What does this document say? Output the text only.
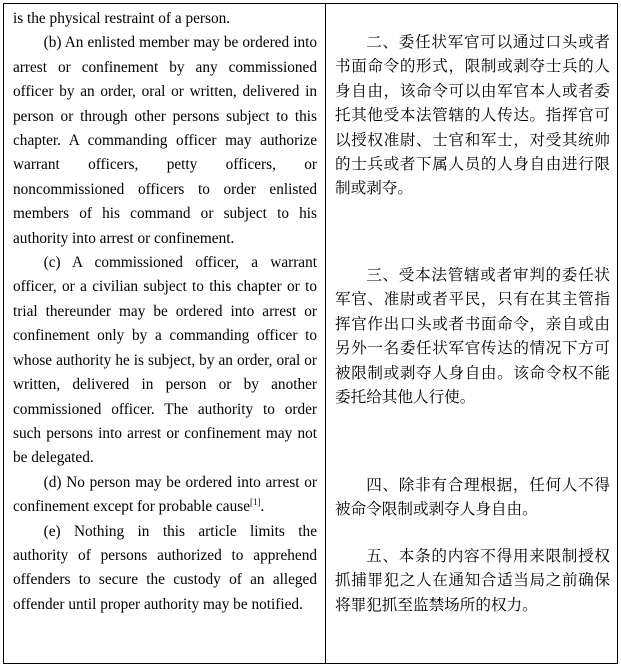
is the physical restraint of a person.

(b) An enlisted member may be ordered into arrest or confinement by any commissioned officer by an order, oral or written, delivered in person or through other persons subject to this chapter. A commanding officer may authorize warrant officers, petty officers, or noncommissioned officers to order enlisted members of his command or subject to his authority into arrest or confinement.

(c) A commissioned officer, a warrant officer, or a civilian subject to this chapter or to trial thereunder may be ordered into arrest or confinement only by a commanding officer to whose authority he is subject, by an order, oral or written, delivered in person or by another commissioned officer. The authority to order such persons into arrest or confinement may not be delegated.

(d) No person may be ordered into arrest or confinement except for probable cause[1].

(e) Nothing in this article limits the authority of persons authorized to apprehend offenders to secure the custody of an alleged offender until proper authority may be notified.

二、委任状军官可以通过口头或者书面命令的形式，限制或剥夺士兵的人身自由，该命令可以由军官本人或者委托其他受本法管辖的人传达。指挥官可以授权准尉、士官和军士，对受其统帅的士兵或者下属人员的人身自由进行限制或剥夺。

三、受本法管辖或者审判的委任状军官、准尉或者平民，只有在其主管指挥官作出口头或者书面命令，亲自或由另外一名委任状军官传达的情况下方可被限制或剥夺人身自由。该命令权不能委托给其他人行使。

四、除非有合理根据，任何人不得被命令限制或剥夺人身自由。

五、本条的内容不得用来限制授权抓捕罪犯之人在通知合适当局之前确保将罪犯抓至监禁场所的权力。
